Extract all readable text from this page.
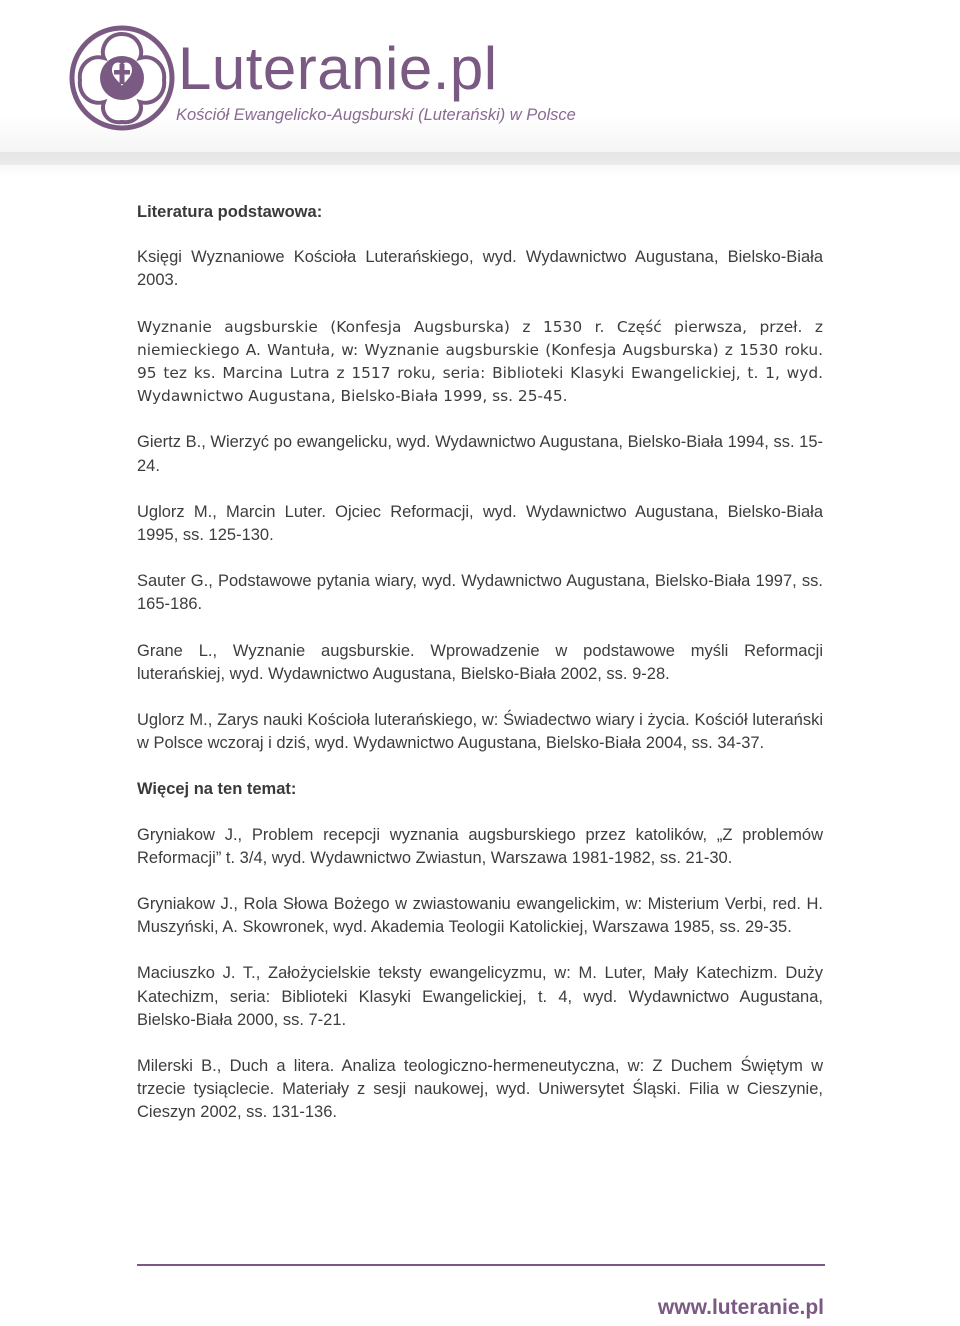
Luteranie.pl
Kościół Ewangelicko-Augsburski (Luterański) w Polsce
Literatura podstawowa:

Księgi Wyznaniowe Kościoła Luterańskiego, wyd. Wydawnictwo Augustana, Bielsko-Biała 2003.

Wyznanie augsburskie (Konfesja Augsburska) z 1530 r. Część pierwsza, przeł. z niemieckiego A. Wantuła, w: Wyznanie augsburskie (Konfesja Augsburska) z 1530 roku. 95 tez ks. Marcina Lutra z 1517 roku, seria: Biblioteki Klasyki Ewangelickiej, t. 1, wyd. Wydawnictwo Augustana, Bielsko-Biała 1999, ss. 25-45.

Giertz B., Wierzyć po ewangelicku, wyd. Wydawnictwo Augustana, Bielsko-Biała 1994, ss. 15-24.

Uglorz M., Marcin Luter. Ojciec Reformacji, wyd. Wydawnictwo Augustana, Bielsko-Biała 1995, ss. 125-130.

Sauter G., Podstawowe pytania wiary, wyd. Wydawnictwo Augustana, Bielsko-Biała 1997, ss. 165-186.

Grane L., Wyznanie augsburskie. Wprowadzenie w podstawowe myśli Reformacji luterańskiej, wyd. Wydawnictwo Augustana, Bielsko-Biała 2002, ss. 9-28.

Uglorz M., Zarys nauki Kościoła luterańskiego, w: Świadectwo wiary i życia. Kościół luterański w Polsce wczoraj i dziś, wyd. Wydawnictwo Augustana, Bielsko-Biała 2004, ss. 34-37.

Więcej na ten temat:

Gryniakow J., Problem recepcji wyznania augsburskiego przez katolików, „Z problemów Reformacji” t. 3/4, wyd. Wydawnictwo Zwiastun, Warszawa 1981-1982, ss. 21-30.

Gryniakow J., Rola Słowa Bożego w zwiastowaniu ewangelickim, w: Misterium Verbi, red. H. Muszyński, A. Skowronek, wyd. Akademia Teologii Katolickiej, Warszawa 1985, ss. 29-35.

Maciuszko J. T., Założycielskie teksty ewangelicyzmu, w: M. Luter, Mały Katechizm. Duży Katechizm, seria: Biblioteki Klasyki Ewangelickiej, t. 4, wyd. Wydawnictwo Augustana, Bielsko-Biała 2000, ss. 7-21.

Milerski B., Duch a litera. Analiza teologiczno-hermeneutyczna, w: Z Duchem Świętym w trzecie tysiąclecie. Materiały z sesji naukowej, wyd. Uniwersytet Śląski. Filia w Cieszynie, Cieszyn 2002, ss. 131-136.

www.luteranie.pl
